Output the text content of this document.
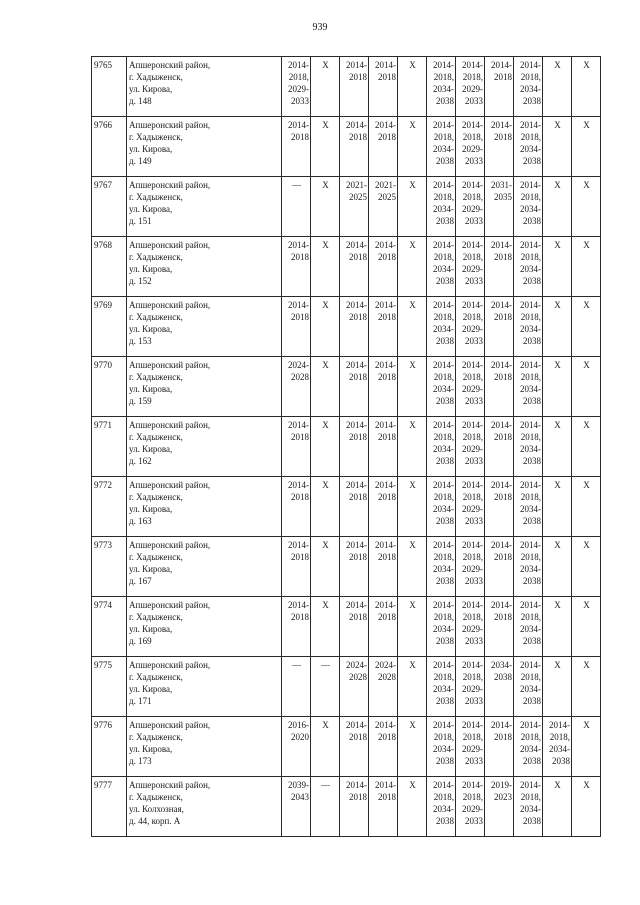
939
9765	Апшеронский район,
г. Хадыженск,
ул. Кирова,
д. 148	2014-
2018,
2029-
2033	X	2014-
2018	2014-
2018	X	2014-
2018,
2034-
2038	2014-
2018,
2029-
2033	2014-
2018	2014-
2018,
2034-
2038	X	X

9766	Апшеронский район,
г. Хадыженск,
ул. Кирова,
д. 149	2014-
2018	X	2014-
2018	2014-
2018	X	2014-
2018,
2034-
2038	2014-
2018,
2029-
2033	2014-
2018	2014-
2018,
2034-
2038	X	X

9767	Апшеронский район,
г. Хадыженск,
ул. Кирова,
д. 151	—	X	2021-
2025	2021-
2025	X	2014-
2018,
2034-
2038	2014-
2018,
2029-
2033	2031-
2035	2014-
2018,
2034-
2038	X	X

9768	Апшеронский район,
г. Хадыженск,
ул. Кирова,
д. 152	2014-
2018	X	2014-
2018	2014-
2018	X	2014-
2018,
2034-
2038	2014-
2018,
2029-
2033	2014-
2018	2014-
2018,
2034-
2038	X	X

9769	Апшеронский район,
г. Хадыженск,
ул. Кирова,
д. 153	2014-
2018	X	2014-
2018	2014-
2018	X	2014-
2018,
2034-
2038	2014-
2018,
2029-
2033	2014-
2018	2014-
2018,
2034-
2038	X	X

9770	Апшеронский район,
г. Хадыженск,
ул. Кирова,
д. 159	2024-
2028	X	2014-
2018	2014-
2018	X	2014-
2018,
2034-
2038	2014-
2018,
2029-
2033	2014-
2018	2014-
2018,
2034-
2038	X	X

9771	Апшеронский район,
г. Хадыженск,
ул. Кирова,
д. 162	2014-
2018	X	2014-
2018	2014-
2018	X	2014-
2018,
2034-
2038	2014-
2018,
2029-
2033	2014-
2018	2014-
2018,
2034-
2038	X	X

9772	Апшеронский район,
г. Хадыженск,
ул. Кирова,
д. 163	2014-
2018	X	2014-
2018	2014-
2018	X	2014-
2018,
2034-
2038	2014-
2018,
2029-
2033	2014-
2018	2014-
2018,
2034-
2038	X	X

9773	Апшеронский район,
г. Хадыженск,
ул. Кирова,
д. 167	2014-
2018	X	2014-
2018	2014-
2018	X	2014-
2018,
2034-
2038	2014-
2018,
2029-
2033	2014-
2018	2014-
2018,
2034-
2038	X	X

9774	Апшеронский район,
г. Хадыженск,
ул. Кирова,
д. 169	2014-
2018	X	2014-
2018	2014-
2018	X	2014-
2018,
2034-
2038	2014-
2018,
2029-
2033	2014-
2018	2014-
2018,
2034-
2038	X	X

9775	Апшеронский район,
г. Хадыженск,
ул. Кирова,
д. 171	—	—	2024-
2028	2024-
2028	X	2014-
2018,
2034-
2038	2014-
2018,
2029-
2033	2034-
2038	2014-
2018,
2034-
2038	X	X

9776	Апшеронский район,
г. Хадыженск,
ул. Кирова,
д. 173	2016-
2020	X	2014-
2018	2014-
2018	X	2014-
2018,
2034-
2038	2014-
2018,
2029-
2033	2014-
2018	2014-
2018,
2034-
2038	2014-
2018,
2034-
2038	X

9777	Апшеронский район,
г. Хадыженск,
ул. Колхозная,
д. 44, корп. А	2039-
2043	—	2014-
2018	2014-
2018	X	2014-
2018,
2034-
2038	2014-
2018,
2029-
2033	2019-
2023	2014-
2018,
2034-
2038	X	X
